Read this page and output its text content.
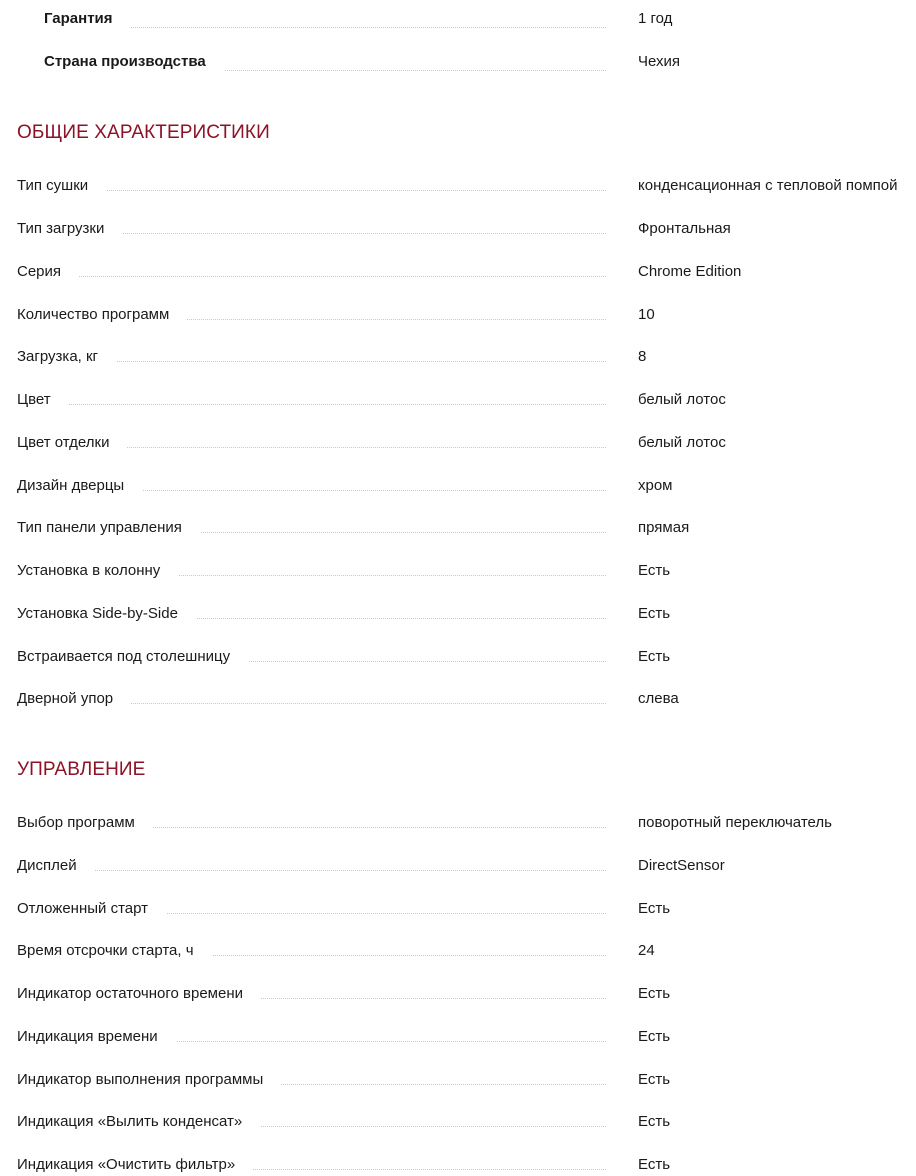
Гарантия	1 год
Страна производства	Чехия
ОБЩИЕ ХАРАКТЕРИСТИКИ
Тип сушки	конденсационная с тепловой помпой
Тип загрузки	Фронтальная
Серия	Chrome Edition
Количество программ	10
Загрузка, кг	8
Цвет	белый лотос
Цвет отделки	белый лотос
Дизайн дверцы	хром
Тип панели управления	прямая
Установка в колонну	Есть
Установка Side-by-Side	Есть
Встраивается под столешницу	Есть
Дверной упор	слева
УПРАВЛЕНИЕ
Выбор программ	поворотный переключатель
Дисплей	DirectSensor
Отложенный старт	Есть
Время отсрочки старта, ч	24
Индикатор остаточного времени	Есть
Индикация времени	Есть
Индикатор выполнения программы	Есть
Индикация «Вылить конденсат»	Есть
Индикация «Очистить фильтр»	Есть
